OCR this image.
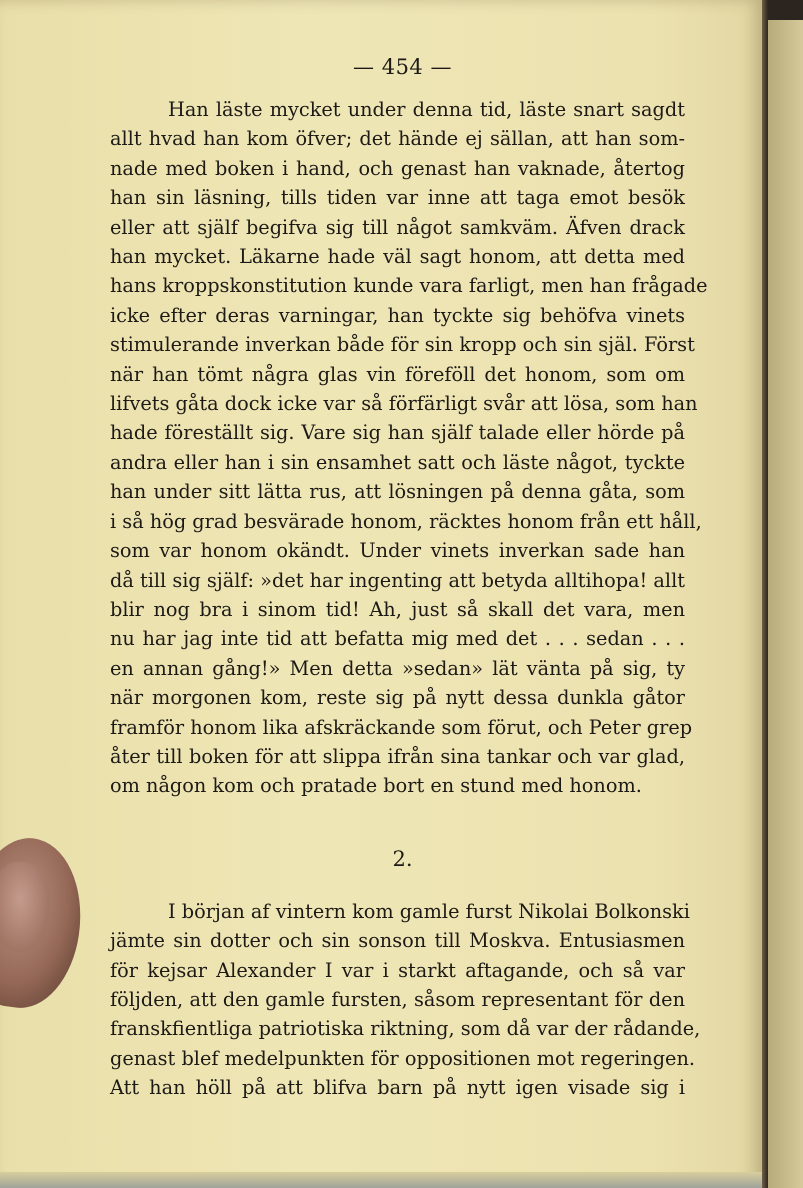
— 454 —

Han läste mycket under denna tid, läste snart sagdt
allt hvad han kom öfver; det hände ej sällan, att han som-
nade med boken i hand, och genast han vaknade, återtog
han sin läsning, tills tiden var inne att taga emot besök
eller att själf begifva sig till något samkväm. Äfven drack
han mycket. Läkarne hade väl sagt honom, att detta med
hans kroppskonstitution kunde vara farligt, men han frågade
icke efter deras varningar, han tyckte sig behöfva vinets
stimulerande inverkan både för sin kropp och sin själ. Först
när han tömt några glas vin föreföll det honom, som om
lifvets gåta dock icke var så förfärligt svår att lösa, som han
hade föreställt sig. Vare sig han själf talade eller hörde på
andra eller han i sin ensamhet satt och läste något, tyckte
han under sitt lätta rus, att lösningen på denna gåta, som
i så hög grad besvärade honom, räcktes honom från ett håll,
som var honom okändt. Under vinets inverkan sade han
då till sig själf: »det har ingenting att betyda alltihopa! allt
blir nog bra i sinom tid! Ah, just så skall det vara, men
nu har jag inte tid att befatta mig med det . . . sedan . . .
en annan gång!» Men detta »sedan» lät vänta på sig, ty
när morgonen kom, reste sig på nytt dessa dunkla gåtor
framför honom lika afskräckande som förut, och Peter grep
åter till boken för att slippa ifrån sina tankar och var glad,
om någon kom och pratade bort en stund med honom.

2.

I början af vintern kom gamle furst Nikolai Bolkonski
jämte sin dotter och sin sonson till Moskva. Entusiasmen
för kejsar Alexander I var i starkt aftagande, och så var
följden, att den gamle fursten, såsom representant för den
franskfientliga patriotiska riktning, som då var der rådande,
genast blef medelpunkten för oppositionen mot regeringen.
Att han höll på att blifva barn på nytt igen visade sig i
